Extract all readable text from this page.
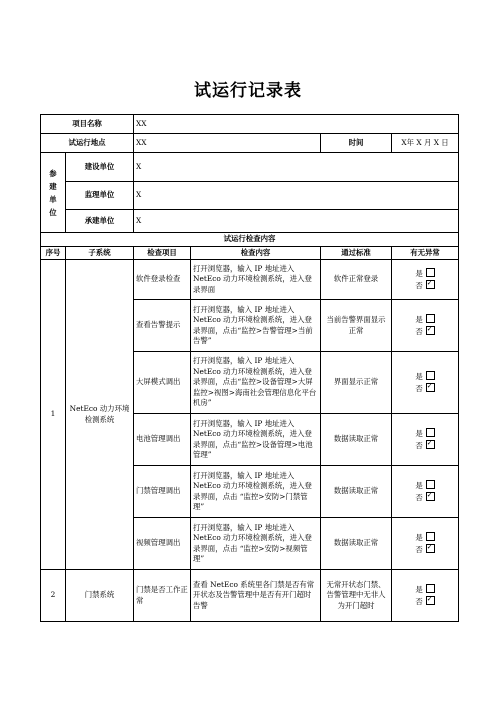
试运行记录表
项目名称		XX			
试运行地点		XX		时间	X年 X 月 X 日
参建单位	建设单位	X			
	监理单位	X			
	承建单位	X			
试运行检查内容					
序号	子系统	检查项目	检查内容	通过标准	有无异常
1	NetEco 动力环境检测系统	软件登录检查	打开浏览器，输入 IP 地址进入 NetEco 动力环境检测系统，进入登录界面	软件正常登录	是
否✓
		查看告警提示	打开浏览器，输入 IP 地址进入 NetEco 动力环境检测系统，进入登录界面，点击“监控>告警管理>当前告警”	当前告警界面显示正常	是
否✓
		大屏模式调出	打开浏览器，输入 IP 地址进入 NetEco 动力环境检测系统，进入登录界面，点击“监控>设备管理>大屏监控>视图>海南社会管理信息化平台机房”	界面显示正常	是
否✓
		电池管理调出	打开浏览器，输入 IP 地址进入 NetEco 动力环境检测系统，进入登录界面，点击“监控>设备管理>电池管理”	数据读取正常	是
否✓
		门禁管理调出	打开浏览器，输入 IP 地址进入 NetEco 动力环境检测系统，进入登录界面，点击 “监控>安防>门禁管理”	数据读取正常	是
否✓
		视频管理调出	打开浏览器，输入 IP 地址进入 NetEco 动力环境检测系统，进入登录界面，点击 “监控>安防>视频管理”	数据读取正常	是
否✓
2	门禁系统	门禁是否工作正常	查看 NetEco 系统里各门禁是否有常开状态及告警管理中是否有开门超时告警	无常开状态门禁、告警管理中无非人为开门超时	是
否✓
